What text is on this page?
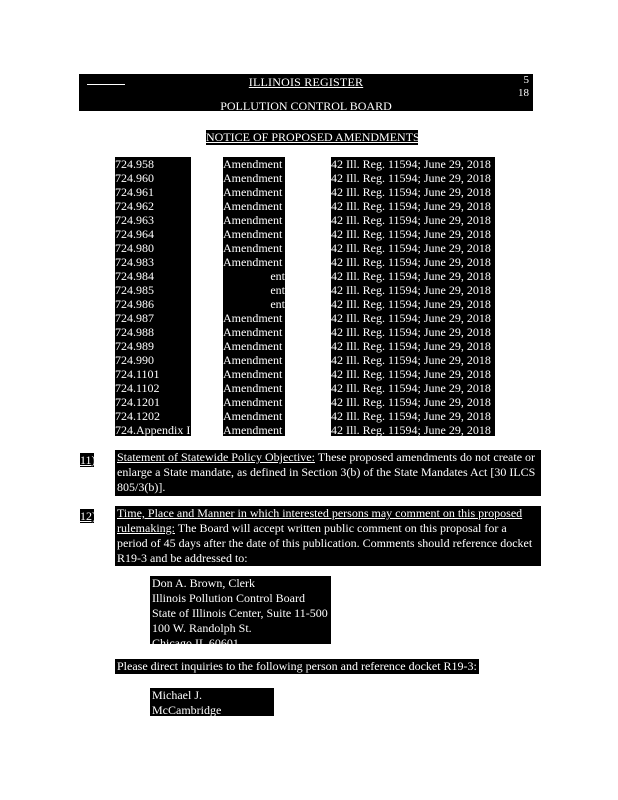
ILLINOIS REGISTER	5
18
POLLUTION CONTROL BOARD
NOTICE OF PROPOSED AMENDMENTS
724.958	Amendment	42 Ill. Reg. 11594; June 29, 2018
724.960	Amendment	42 Ill. Reg. 11594; June 29, 2018
724.961	Amendment	42 Ill. Reg. 11594; June 29, 2018
724.962	Amendment	42 Ill. Reg. 11594; June 29, 2018
724.963	Amendment	42 Ill. Reg. 11594; June 29, 2018
724.964	Amendment	42 Ill. Reg. 11594; June 29, 2018
724.980	Amendment	42 Ill. Reg. 11594; June 29, 2018
724.983	Amendment	42 Ill. Reg. 11594; June 29, 2018
724.984	ent	42 Ill. Reg. 11594; June 29, 2018
724.985	ent	42 Ill. Reg. 11594; June 29, 2018
724.986	ent	42 Ill. Reg. 11594; June 29, 2018
724.987	Amendment	42 Ill. Reg. 11594; June 29, 2018
724.988	Amendment	42 Ill. Reg. 11594; June 29, 2018
724.989	Amendment	42 Ill. Reg. 11594; June 29, 2018
724.990	Amendment	42 Ill. Reg. 11594; June 29, 2018
724.1101	Amendment	42 Ill. Reg. 11594; June 29, 2018
724.1102	Amendment	42 Ill. Reg. 11594; June 29, 2018
724.1201	Amendment	42 Ill. Reg. 11594; June 29, 2018
724.1202	Amendment	42 Ill. Reg. 11594; June 29, 2018
724.Appendix I	Amendment	42 Ill. Reg. 11594; June 29, 2018
11) Statement of Statewide Policy Objective: These proposed amendments do not create or enlarge a State mandate, as defined in Section 3(b) of the State Mandates Act [30 ILCS 805/3(b)].
12) Time, Place and Manner in which interested persons may comment on this proposed rulemaking: The Board will accept written public comment on this proposal for a period of 45 days after the date of this publication. Comments should reference docket R19-3 and be addressed to:
Don A. Brown, Clerk
Illinois Pollution Control Board
State of Illinois Center, Suite 11-500
100 W. Randolph St.
Chicago IL 60601
Please direct inquiries to the following person and reference docket R19-3:
Michael J. McCambridge
Staff Attorney
